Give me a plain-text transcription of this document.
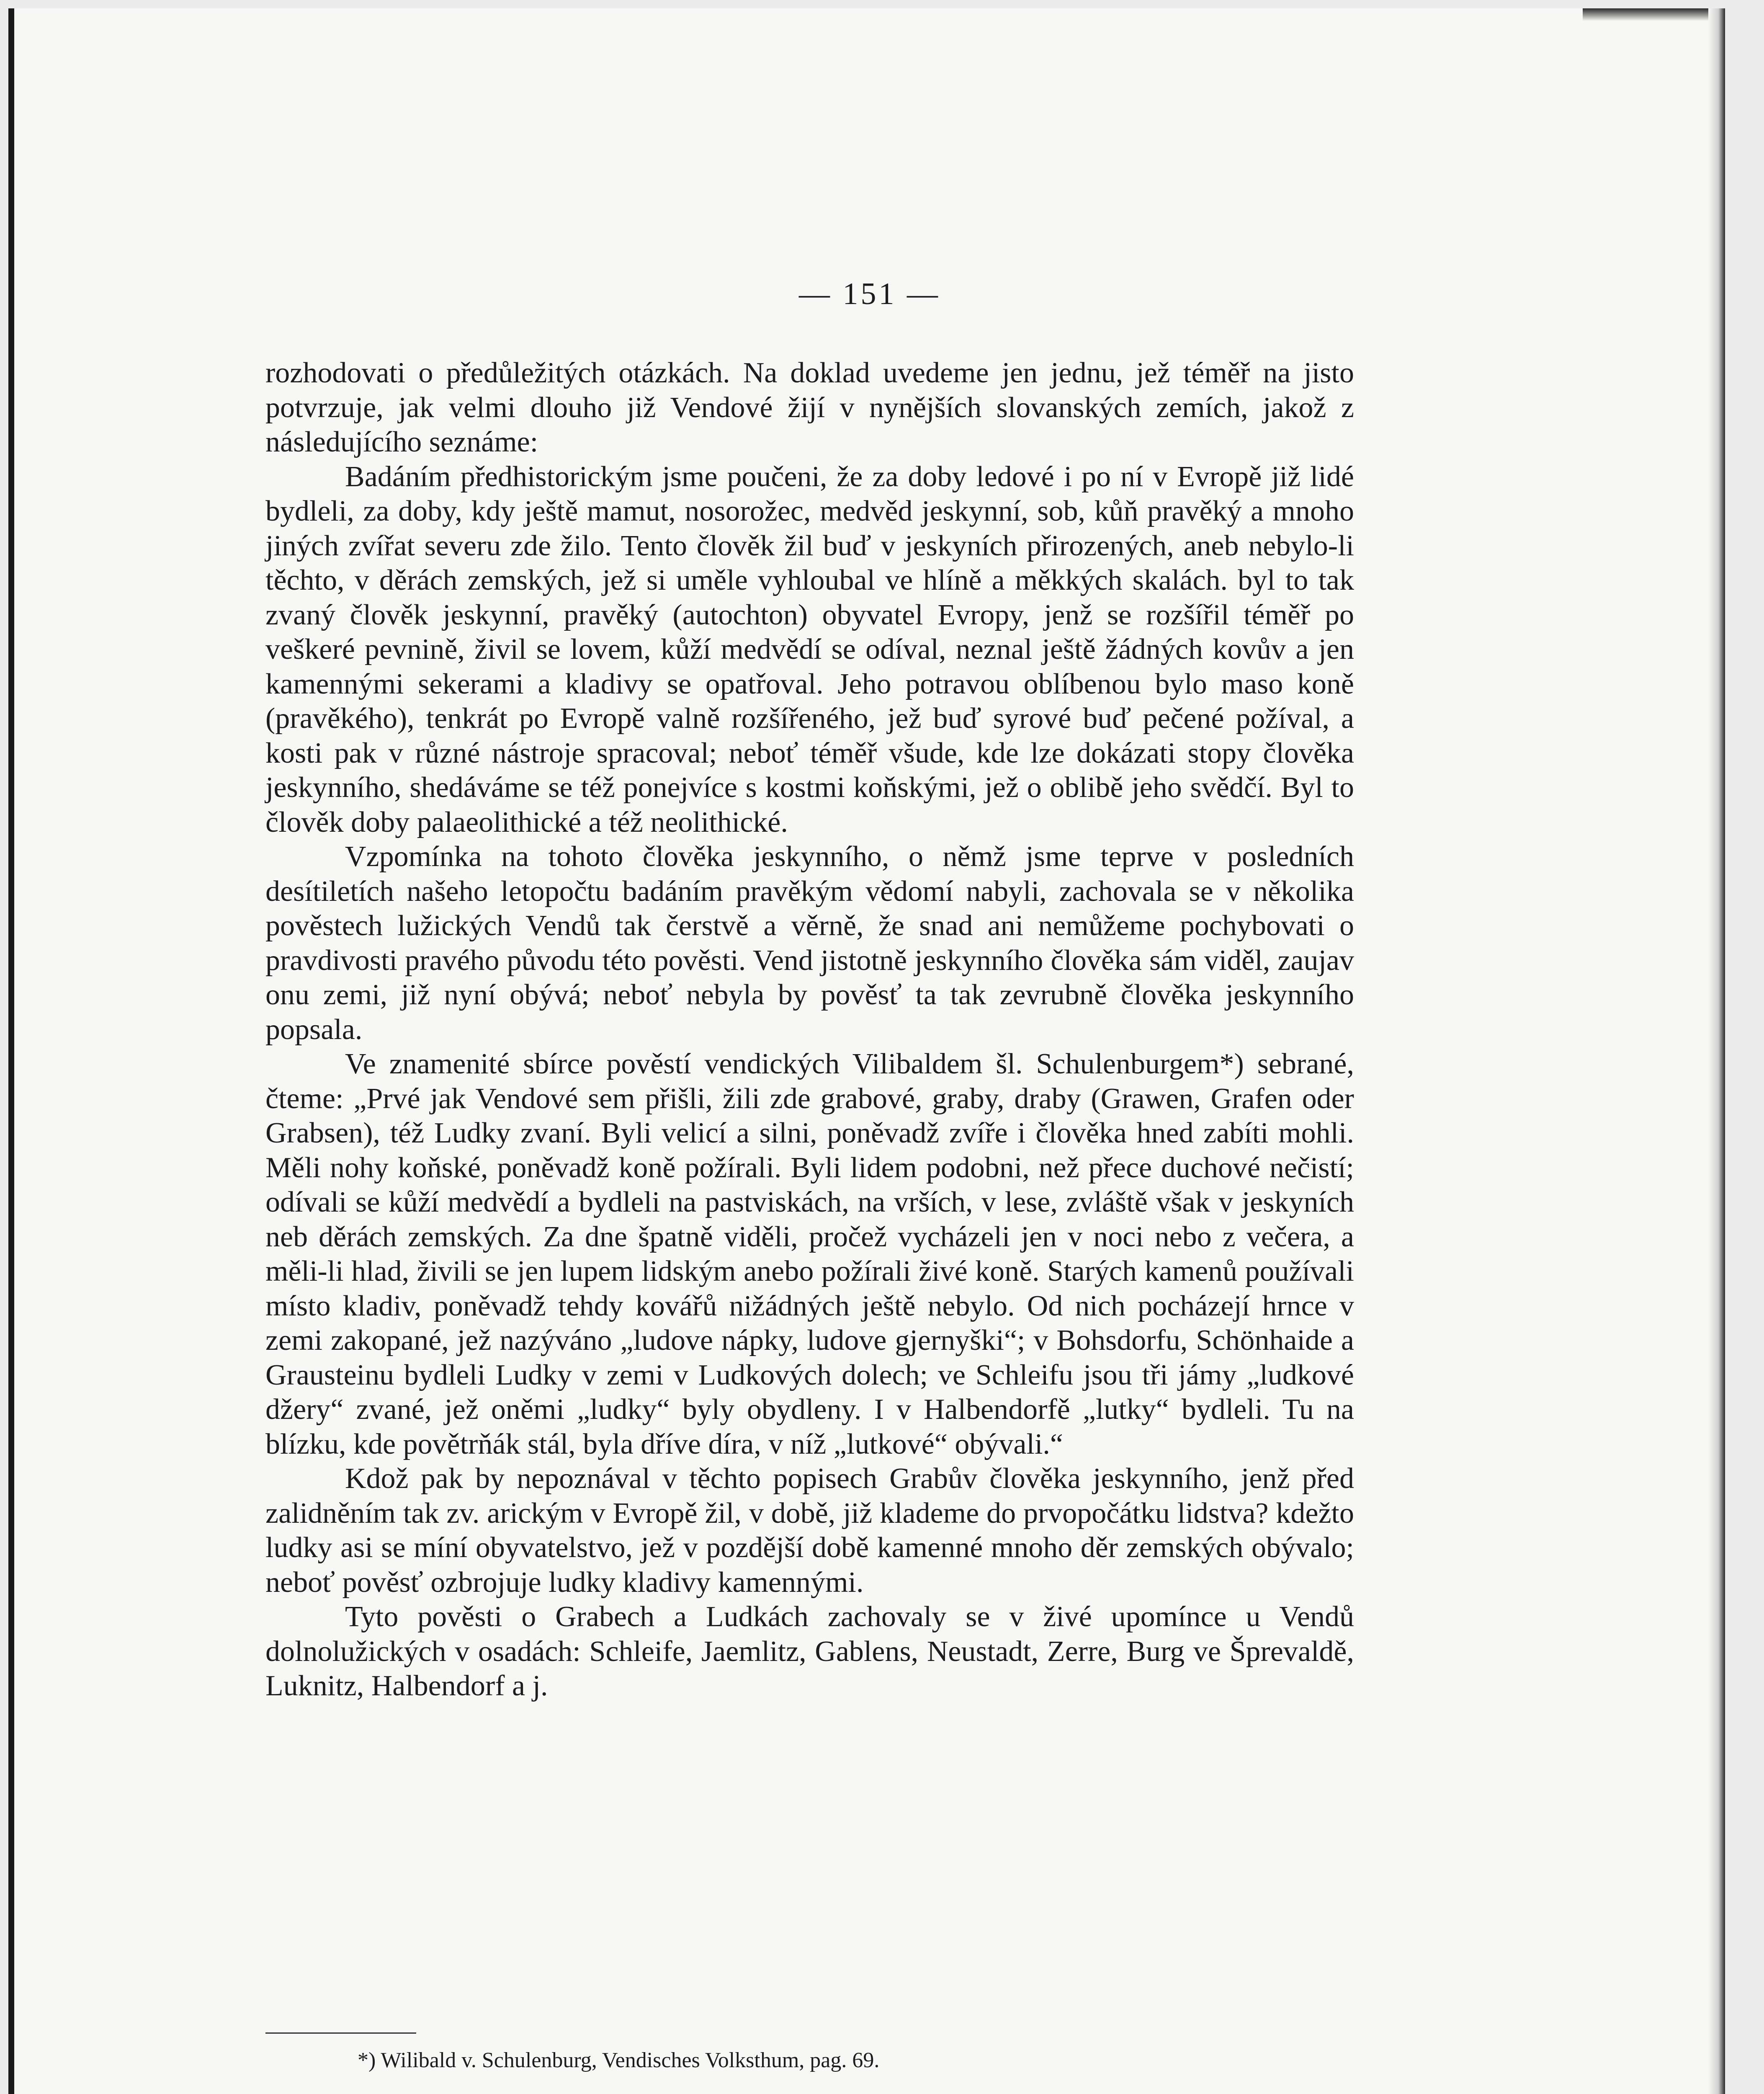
— 151 —

rozhodovati o předůležitých otázkách. Na doklad uvedeme jen jednu, jež téměř na jisto potvrzuje, jak velmi dlouho již Vendové žijí v nynějších slovanských zemích, jakož z následujícího seznáme:

Badáním předhistorickým jsme poučeni, že za doby ledové i po ní v Evropě již lidé bydleli, za doby, kdy ještě mamut, nosorožec, medvěd jeskynní, sob, kůň pravěký a mnoho jiných zvířat severu zde žilo. Tento člověk žil buď v jeskyních přirozených, aneb nebylo-li těchto, v děrách zemských, jež si uměle vyhloubal ve hlíně a měkkých skalách. byl to tak zvaný člověk jeskynní, pravěký (autochton) obyvatel Evropy, jenž se rozšířil téměř po veškeré pevnině, živil se lovem, kůží medvědí se odíval, neznal ještě žádných kovův a jen kamennými sekerami a kladivy se opatřoval. Jeho potravou oblíbenou bylo maso koně (pravěkého), tenkrát po Evropě valně rozšířeného, jež buď syrové buď pečené požíval, a kosti pak v různé nástroje spracoval; neboť téměř všude, kde lze dokázati stopy člověka jeskynního, shedáváme se též ponejvíce s kostmi koňskými, jež o oblibě jeho svědčí. Byl to člověk doby palaeolithické a též neolithické.

Vzpomínka na tohoto člověka jeskynního, o němž jsme teprve v posledních desítiletích našeho letopočtu badáním pravěkým vědomí nabyli, zachovala se v několika pověstech lužických Vendů tak čerstvě a věrně, že snad ani nemůžeme pochybovati o pravdivosti pravého původu této pověsti. Vend jistotně jeskynního člověka sám viděl, zaujav onu zemi, již nyní obývá; neboť nebyla by pověsť ta tak zevrubně člověka jeskynního popsala.

Ve znamenité sbírce pověstí vendických Vilibaldem šl. Schulenburgem*) sebrané, čteme: „Prvé jak Vendové sem přišli, žili zde grabové, graby, draby (Grawen, Grafen oder Grabsen), též Ludky zvaní. Byli velicí a silni, poněvadž zvíře i člověka hned zabíti mohli. Měli nohy koňské, poněvadž koně požírali. Byli lidem podobni, než přece duchové nečistí; odívali se kůží medvědí a bydleli na pastviskách, na vrších, v lese, zvláště však v jeskyních neb děrách zemských. Za dne špatně viděli, pročež vycházeli jen v noci nebo z večera, a měli-li hlad, živili se jen lupem lidským anebo požírali živé koně. Starých kamenů používali místo kladiv, poněvadž tehdy kovářů nižádných ještě nebylo. Od nich pocházejí hrnce v zemi zakopané, jež nazýváno „ludove nápky, ludove gjernyški“; v Bohsdorfu, Schönhaide a Grausteinu bydleli Ludky v zemi v Ludkových dolech; ve Schleifu jsou tři jámy „ludkové džery“ zvané, jež oněmi „ludky“ byly obydleny. I v Halbendorfě „lutky“ bydleli. Tu na blízku, kde povětrňák stál, byla dříve díra, v níž „lutkové“ obývali.“

Kdož pak by nepoznával v těchto popisech Grabův člověka jeskynního, jenž před zalidněním tak zv. arickým v Evropě žil, v době, již klademe do prvopočátku lidstva? kdežto ludky asi se míní obyvatelstvo, jež v pozdější době kamenné mnoho děr zemských obývalo; neboť pověsť ozbrojuje ludky kladivy kamennými.

Tyto pověsti o Grabech a Ludkách zachovaly se v živé upomínce u Vendů dolnolužických v osadách: Schleife, Jaemlitz, Gablens, Neustadt, Zerre, Burg ve Šprevaldě, Luknitz, Halbendorf a j.

*) Wilibald v. Schulenburg, Vendisches Volksthum, pag. 69.
